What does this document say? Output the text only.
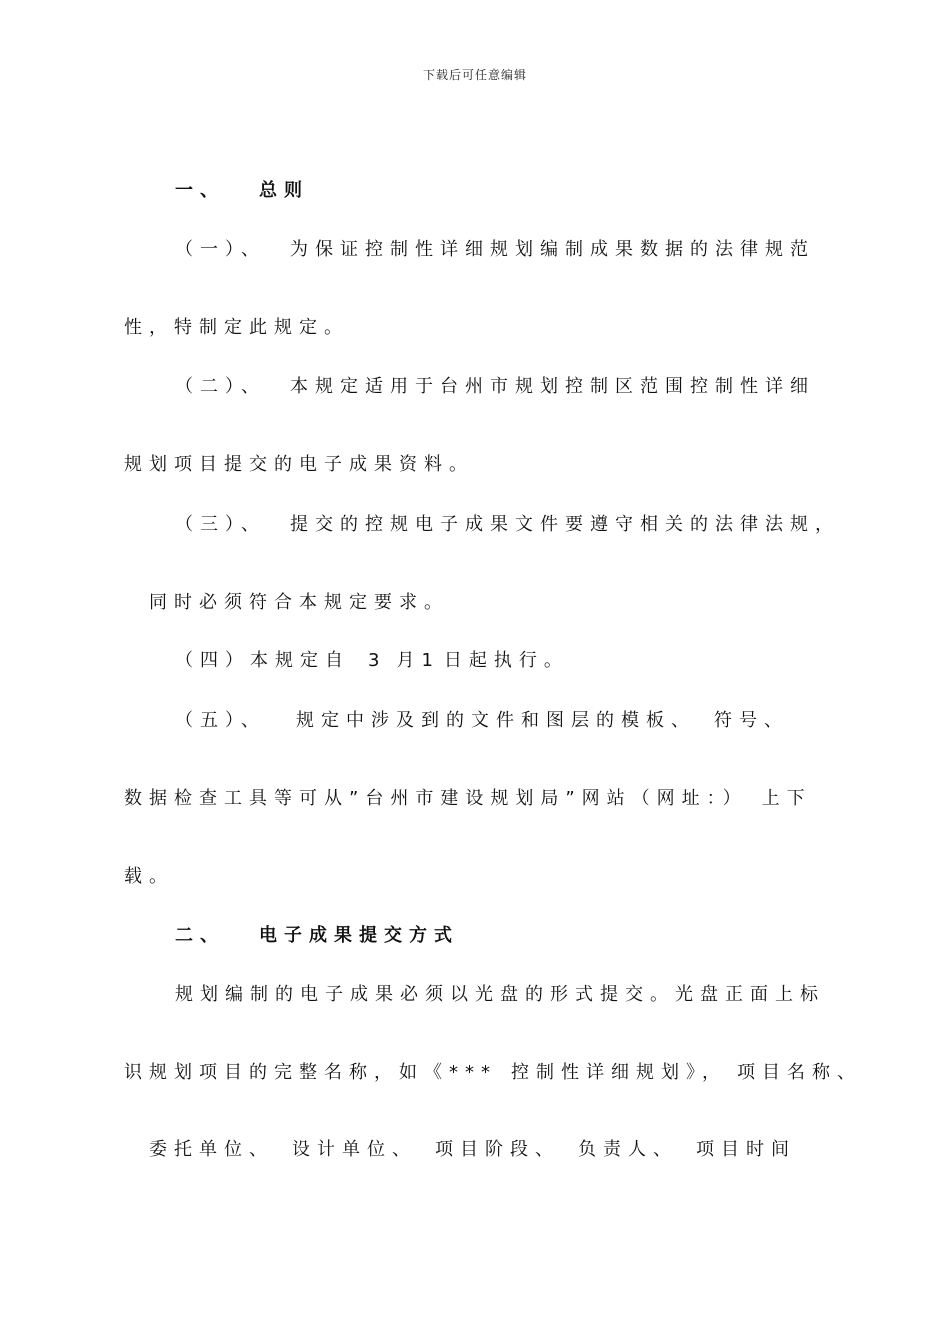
下载后可任意编辑
一、 总则
（一）、 为保证控制性详细规划编制成果数据的法律规范
性，特制定此规定。
（二）、 本规定适用于台州市规划控制区范围控制性详细
规划项目提交的电子成果资料。
（三）、 提交的控规电子成果文件要遵守相关的法律法规，
同时必须符合本规定要求。
（四）本规定自 3 月1 日起执行。
（五）、 规定中涉及到的文件和图层的模板、 符号、
数据检查工具等可从”台州市建设规划局”网站（网址：） 上下
载。
二、 电子成果提交方式
规划编制的电子成果必须以光盘的形式提交。光盘正面上标
识规划项目的完整名称，如《*** 控制性详细规划》， 项目名称、
委托单位、 设计单位、 项目阶段、 负责人、 项目时间
